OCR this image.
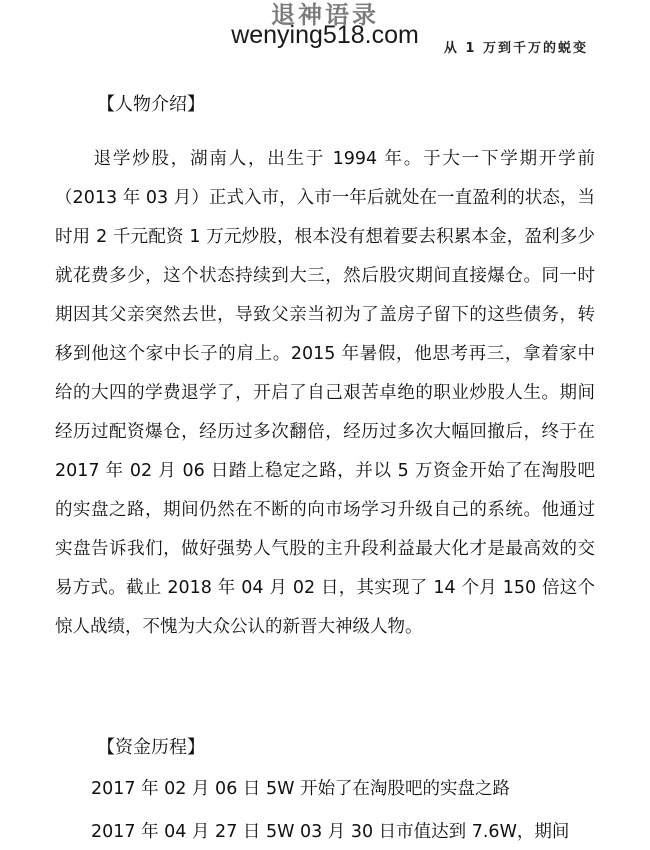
退神语录
wenying518.com	从 1 万到千万的蜕变
【人物介绍】

　　退学炒股，湖南人，出生于 1994 年。于大一下学期开学前（2013 年 03 月）正式入市，入市一年后就处在一直盈利的状态，当时用 2 千元配资 1 万元炒股，根本没有想着要去积累本金，盈利多少就花费多少，这个状态持续到大三，然后股灾期间直接爆仓。同一时期因其父亲突然去世，导致父亲当初为了盖房子留下的这些债务，转移到他这个家中长子的肩上。2015 年暑假，他思考再三，拿着家中给的大四的学费退学了，开启了自己艰苦卓绝的职业炒股人生。期间经历过配资爆仓，经历过多次翻倍，经历过多次大幅回撤后，终于在 2017 年 02 月 06 日踏上稳定之路，并以 5 万资金开始了在淘股吧的实盘之路，期间仍然在不断的向市场学习升级自己的系统。他通过实盘告诉我们，做好强势人气股的主升段利益最大化才是最高效的交易方式。截止 2018 年 04 月 02 日，其实现了 14 个月 150 倍这个惊人战绩，不愧为大众公认的新晋大神级人物。

【资金历程】
2017 年 02 月 06 日 5W 开始了在淘股吧的实盘之路
2017 年 04 月 27 日 5W 03 月 30 日市值达到 7.6W，期间
